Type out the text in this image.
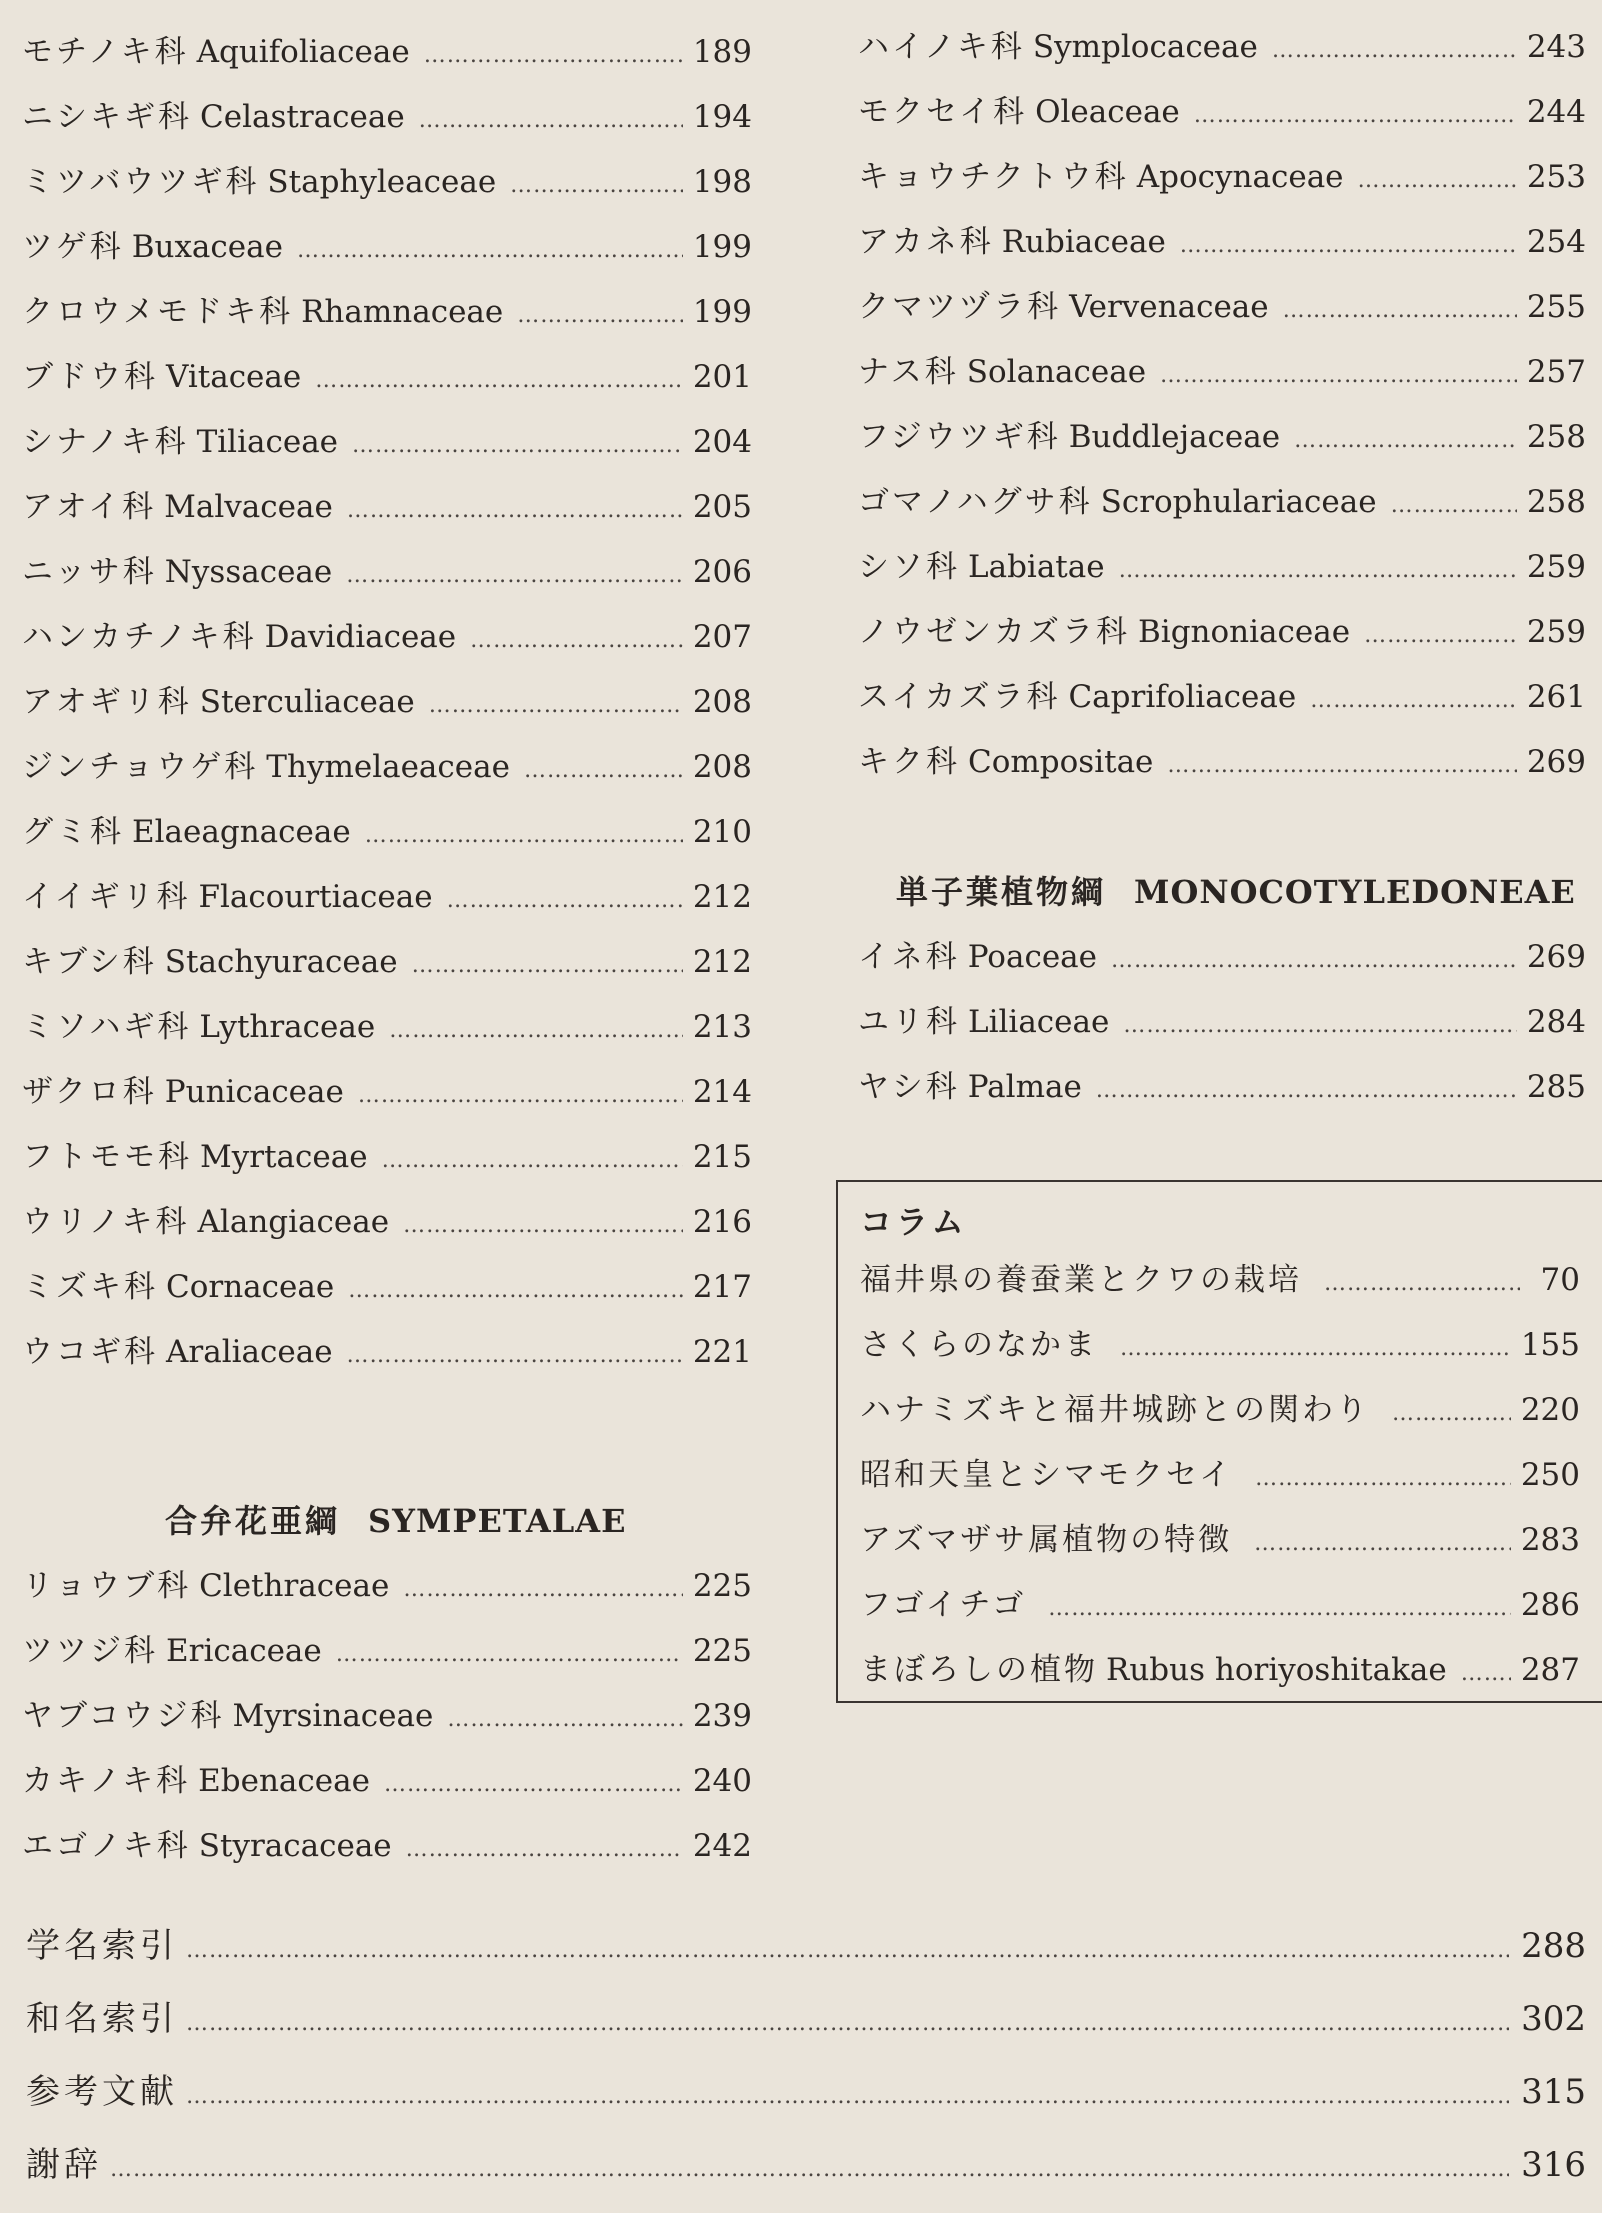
モチノキ科 Aquifoliaceae …………………………………………………………………………………………………………………………………………………………………………………………	189
ニシキギ科 Celastraceae …………………………………………………………………………………………………………………………………………………………………………………………	194
ミツバウツギ科 Staphyleaceae …………………………………………………………………………………………………………………………………………………………………………………………	198
ツゲ科 Buxaceae …………………………………………………………………………………………………………………………………………………………………………………………	199
クロウメモドキ科 Rhamnaceae …………………………………………………………………………………………………………………………………………………………………………………………	199
ブドウ科 Vitaceae …………………………………………………………………………………………………………………………………………………………………………………………	201
シナノキ科 Tiliaceae …………………………………………………………………………………………………………………………………………………………………………………………	204
アオイ科 Malvaceae …………………………………………………………………………………………………………………………………………………………………………………………	205
ニッサ科 Nyssaceae …………………………………………………………………………………………………………………………………………………………………………………………	206
ハンカチノキ科 Davidiaceae …………………………………………………………………………………………………………………………………………………………………………………………	207
アオギリ科 Sterculiaceae …………………………………………………………………………………………………………………………………………………………………………………………	208
ジンチョウゲ科 Thymelaeaceae …………………………………………………………………………………………………………………………………………………………………………………………	208
グミ科 Elaeagnaceae …………………………………………………………………………………………………………………………………………………………………………………………	210
イイギリ科 Flacourtiaceae …………………………………………………………………………………………………………………………………………………………………………………………	212
キブシ科 Stachyuraceae …………………………………………………………………………………………………………………………………………………………………………………………	212
ミソハギ科 Lythraceae …………………………………………………………………………………………………………………………………………………………………………………………	213
ザクロ科 Punicaceae …………………………………………………………………………………………………………………………………………………………………………………………	214
フトモモ科 Myrtaceae …………………………………………………………………………………………………………………………………………………………………………………………	215
ウリノキ科 Alangiaceae …………………………………………………………………………………………………………………………………………………………………………………………	216
ミズキ科 Cornaceae …………………………………………………………………………………………………………………………………………………………………………………………	217
ウコギ科 Araliaceae …………………………………………………………………………………………………………………………………………………………………………………………	221
合弁花亜綱 SYMPETALAE
リョウブ科 Clethraceae …………………………………………………………………………………………………………………………………………………………………………………………	225
ツツジ科 Ericaceae …………………………………………………………………………………………………………………………………………………………………………………………	225
ヤブコウジ科 Myrsinaceae …………………………………………………………………………………………………………………………………………………………………………………………	239
カキノキ科 Ebenaceae …………………………………………………………………………………………………………………………………………………………………………………………	240
エゴノキ科 Styracaceae …………………………………………………………………………………………………………………………………………………………………………………………	242
ハイノキ科 Symplocaceae …………………………………………………………………………………………………………………………………………………………………………………………	243
モクセイ科 Oleaceae …………………………………………………………………………………………………………………………………………………………………………………………	244
キョウチクトウ科 Apocynaceae …………………………………………………………………………………………………………………………………………………………………………………………	253
アカネ科 Rubiaceae …………………………………………………………………………………………………………………………………………………………………………………………	254
クマツヅラ科 Vervenaceae …………………………………………………………………………………………………………………………………………………………………………………………	255
ナス科 Solanaceae …………………………………………………………………………………………………………………………………………………………………………………………	257
フジウツギ科 Buddlejaceae …………………………………………………………………………………………………………………………………………………………………………………………	258
ゴマノハグサ科 Scrophulariaceae …………………………………………………………………………………………………………………………………………………………………………………………	258
シソ科 Labiatae …………………………………………………………………………………………………………………………………………………………………………………………	259
ノウゼンカズラ科 Bignoniaceae …………………………………………………………………………………………………………………………………………………………………………………………	259
スイカズラ科 Caprifoliaceae …………………………………………………………………………………………………………………………………………………………………………………………	261
キク科 Compositae …………………………………………………………………………………………………………………………………………………………………………………………	269
単子葉植物綱 MONOCOTYLEDONEAE
イネ科 Poaceae …………………………………………………………………………………………………………………………………………………………………………………………	269
ユリ科 Liliaceae …………………………………………………………………………………………………………………………………………………………………………………………	284
ヤシ科 Palmae …………………………………………………………………………………………………………………………………………………………………………………………	285
コラム
福井県の養蚕業とクワの栽培 …………………………………………………………………………………………………………………………………………………………………………………………	70
さくらのなかま …………………………………………………………………………………………………………………………………………………………………………………………	155
ハナミズキと福井城跡との関わり …………………………………………………………………………………………………………………………………………………………………………………………	220
昭和天皇とシマモクセイ …………………………………………………………………………………………………………………………………………………………………………………………	250
アズマザサ属植物の特徴 …………………………………………………………………………………………………………………………………………………………………………………………	283
フゴイチゴ …………………………………………………………………………………………………………………………………………………………………………………………	286
まぼろしの植物 Rubus horiyoshitakae ………………………………………………………………………………………………………………………………………………………………………………………… 287
学名索引 …………………………………………………………………………………………………………………………………………………………………………………………	288
和名索引 …………………………………………………………………………………………………………………………………………………………………………………………	302
参考文献 …………………………………………………………………………………………………………………………………………………………………………………………	315
謝辞 …………………………………………………………………………………………………………………………………………………………………………………………	316
